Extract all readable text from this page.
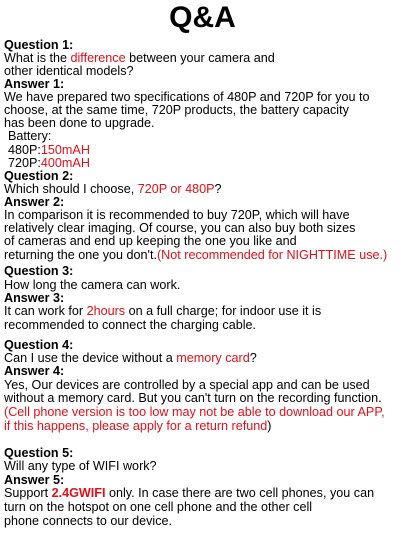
Q&A
Question 1:
What is the difference between your camera and
other identical models?
Answer 1:
We have prepared two specifications of 480P and 720P for you to
choose, at the same time, 720P products, the battery capacity
has been done to upgrade.
Battery:
480P:150mAH
720P:400mAH
Question 2:
Which should I choose, 720P or 480P?
Answer 2:
In comparison it is recommended to buy 720P, which will have
relatively clear imaging. Of course, you can also buy both sizes
of cameras and end up keeping the one you like and
returning the one you don't.(Not recommended for NIGHTTIME use.)
Question 3:
How long the camera can work.
Answer 3:
It can work for 2hours on a full charge; for indoor use it is
recommended to connect the charging cable.
Question 4:
Can I use the device without a memory card?
Answer 4:
Yes, Our devices are controlled by a special app and can be used
without a memory card. But you can't turn on the recording function.
(Cell phone version is too low may not be able to download our APP,
if this happens, please apply for a return refund)
Question 5:
Will any type of WIFI work?
Answer 5:
Support 2.4GWIFI only. In case there are two cell phones, you can
turn on the hotspot on one cell phone and the other cell
phone connects to our device.
